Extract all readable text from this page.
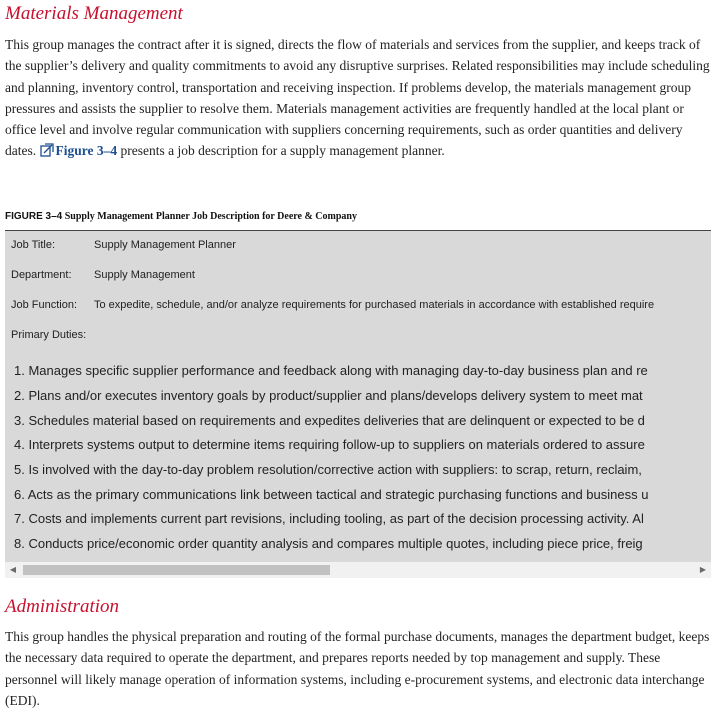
Materials Management

This group manages the contract after it is signed, directs the flow of materials and services from the supplier, and keeps track of the supplier’s delivery and quality commitments to avoid any disruptive surprises. Related responsibilities may include scheduling and planning, inventory control, transportation and receiving inspection. If problems develop, the materials management group pressures and assists the supplier to resolve them. Materials management activities are frequently handled at the local plant or office level and involve regular communication with suppliers concerning requirements, such as order quantities and delivery dates. Figure 3–4 presents a job description for a supply management planner.

FIGURE 3–4 Supply Management Planner Job Description for Deere & Company
Job Title:	Supply Management Planner
Department: Supply Management
Job Function: To expedite, schedule, and/or analyze requirements for purchased materials in accordance with established require
Primary Duties:
1. Manages specific supplier performance and feedback along with managing day-to-day business plan and re
2. Plans and/or executes inventory goals by product/supplier and plans/develops delivery system to meet mat
3. Schedules material based on requirements and expedites deliveries that are delinquent or expected to be d
4. Interprets systems output to determine items requiring follow-up to suppliers on materials ordered to assure
5. Is involved with the day-to-day problem resolution/corrective action with suppliers: to scrap, return, reclaim,
6. Acts as the primary communications link between tactical and strategic purchasing functions and business u
7. Costs and implements current part revisions, including tooling, as part of the decision processing activity. Al
8. Conducts price/economic order quantity analysis and compares multiple quotes, including piece price, freig
◀	▶
Administration

This group handles the physical preparation and routing of the formal purchase documents, manages the department budget, keeps the necessary data required to operate the department, and prepares reports needed by top management and supply. These personnel will likely manage operation of information systems, including e-procurement systems, and electronic data interchange (EDI).
